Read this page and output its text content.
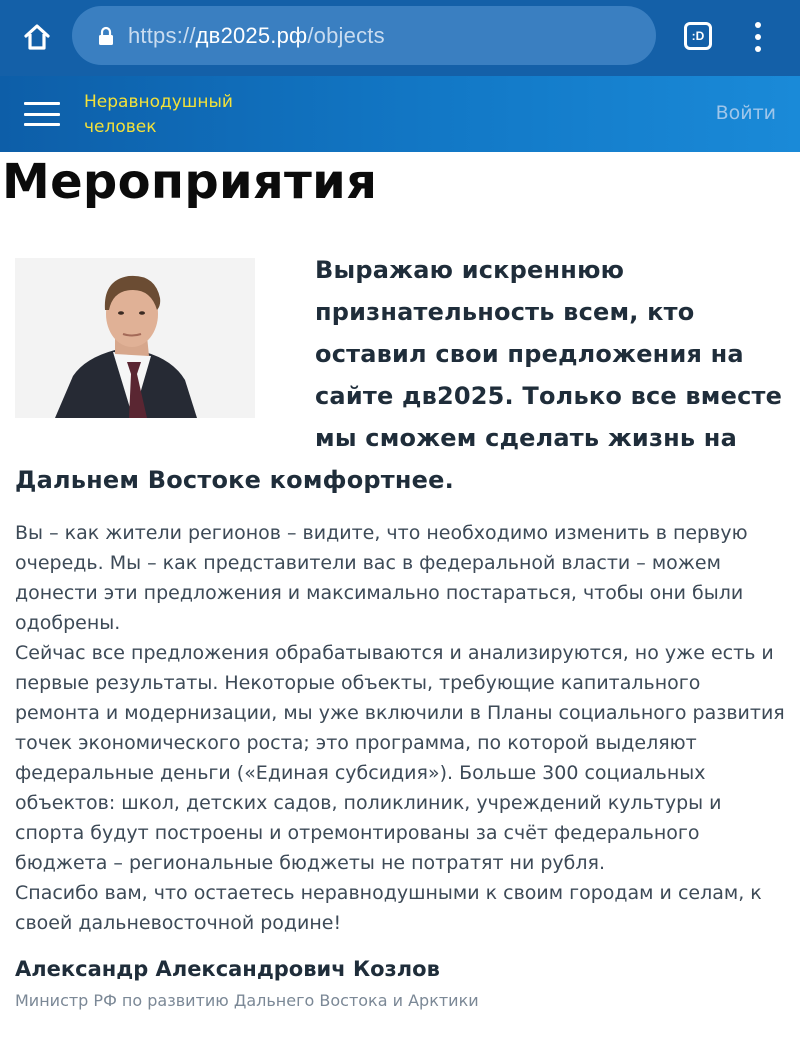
https://дв2025.рф/objects	:D
Неравнодушный
человек
Войти
Мероприятия
Выражаю искреннюю признательность всем, кто оставил свои предложения на сайте дв2025. Только все вместе мы сможем сделать жизнь на Дальнем Востоке комфортнее.

Вы – как жители регионов – видите, что необходимо изменить в первую очередь. Мы – как представители вас в федеральной власти – можем донести эти предложения и максимально постараться, чтобы они были одобрены.

Сейчас все предложения обрабатываются и анализируются, но уже есть и первые результаты. Некоторые объекты, требующие капитального ремонта и модернизации, мы уже включили в Планы социального развития точек экономического роста; это программа, по которой выделяют федеральные деньги («Единая субсидия»). Больше 300 социальных объектов: школ, детских садов, поликлиник, учреждений культуры и спорта будут построены и отремонтированы за счёт федерального бюджета – региональные бюджеты не потратят ни рубля.

Спасибо вам, что остаетесь неравнодушными к своим городам и селам, к своей дальневосточной родине!

Александр Александрович Козлов
Министр РФ по развитию Дальнего Востока и Арктики
